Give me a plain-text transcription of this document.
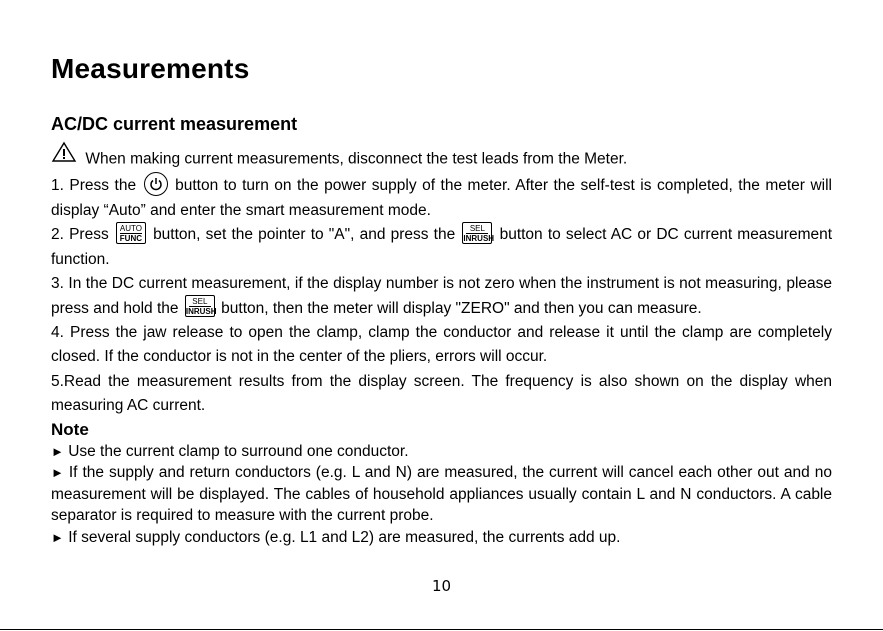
Measurements
AC/DC current measurement

When making current measurements, disconnect the test leads from the Meter.

1. Press the	button to turn on the power supply of the meter. After the self-test is completed, the meter will display “Auto” and enter the smart measurement mode.

2. Press AUTO
FUNC button, set the pointer to "A", and press the	SEL
INRUSH button to select AC or DC current measurement function.

3. In the DC current measurement, if the display number is not zero when the instrument is not measuring, please press and hold the	SEL
INRUSH button, then the meter will display "ZERO" and then you can measure.

4. Press the jaw release to open the clamp, clamp the conductor and release it until the clamp are completely closed. If the conductor is not in the center of the pliers, errors will occur.

5.Read the measurement results from the display screen. The frequency is also shown on the display when measuring AC current.

Note

► Use the current clamp to surround one conductor.

► If the supply and return conductors (e.g. L and N) are measured, the current will cancel each other out and no measurement will be displayed. The cables of household appliances usually contain L and N conductors. A cable separator is required to measure with the current probe.

► If several supply conductors (e.g. L1 and L2) are measured, the currents add up.

10
